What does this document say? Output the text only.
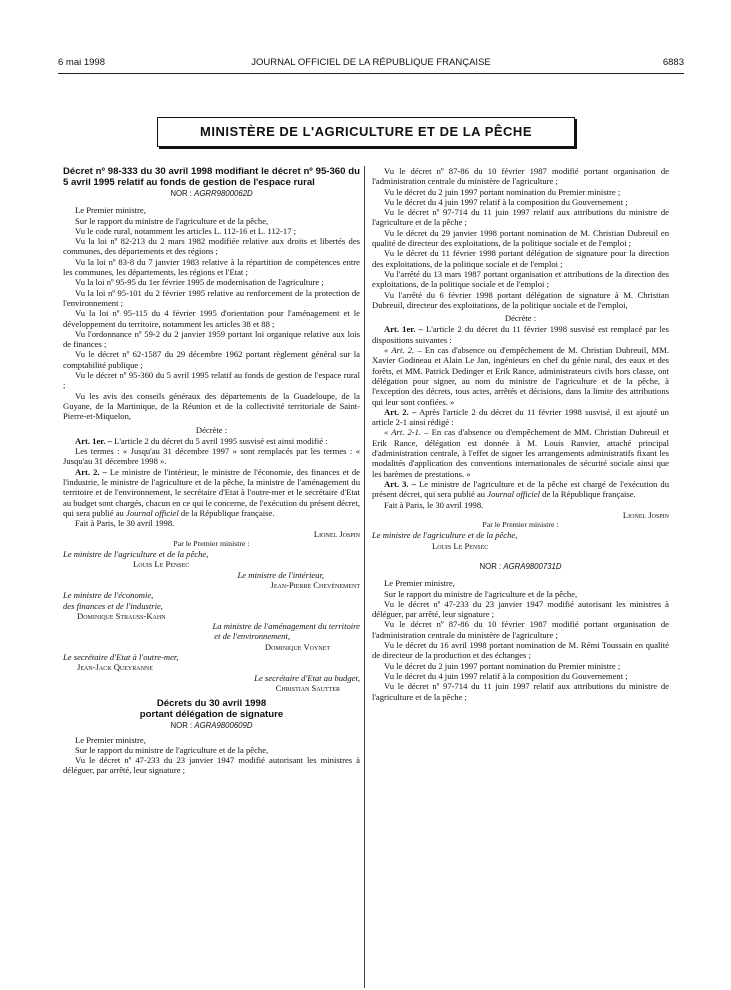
6 mai 1998	JOURNAL OFFICIEL DE LA RÉPUBLIQUE FRANÇAISE	6883
MINISTÈRE DE L'AGRICULTURE ET DE LA PÊCHE

Décret nº 98-333 du 30 avril 1998 modifiant le décret nº 95-360 du 5 avril 1995 relatif au fonds de gestion de l'espace rural

NOR : AGRR9800062D

Le Premier ministre,

Sur le rapport du ministre de l'agriculture et de la pêche,

Vu le code rural, notamment les articles L. 112-16 et L. 112-17 ;

Vu la loi nº 82-213 du 2 mars 1982 modifiée relative aux droits et libertés des communes, des départements et des régions ;

Vu la loi nº 83-8 du 7 janvier 1983 relative à la répartition de compétences entre les communes, les départements, les régions et l'Etat ;

Vu la loi nº 95-95 du 1er février 1995 de modernisation de l'agriculture ;

Vu la loi nº 95-101 du 2 février 1995 relative au renforcement de la protection de l'environnement ;

Vu la loi nº 95-115 du 4 février 1995 d'orientation pour l'aménagement et le développement du territoire, notamment les articles 38 et 88 ;

Vu l'ordonnance nº 59-2 du 2 janvier 1959 portant loi organique relative aux lois de finances ;

Vu le décret nº 62-1587 du 29 décembre 1962 portant règlement général sur la comptabilité publique ;

Vu le décret nº 95-360 du 5 avril 1995 relatif au fonds de gestion de l'espace rural ;

Vu les avis des conseils généraux des départements de la Guadeloupe, de la Guyane, de la Martinique, de la Réunion et de la collectivité territoriale de Saint-Pierre-et-Miquelon,

Décrète :

Art. 1er. – L'article 2 du décret du 5 avril 1995 susvisé est ainsi modifié :

Les termes : « Jusqu'au 31 décembre 1997 » sont remplacés par les termes : « Jusqu'au 31 décembre 1998 ».

Art. 2. – Le ministre de l'intérieur, le ministre de l'économie, des finances et de l'industrie, le ministre de l'agriculture et de la pêche, la ministre de l'aménagement du territoire et de l'environnement, le secrétaire d'Etat à l'outre-mer et le secrétaire d'Etat au budget sont chargés, chacun en ce qui le concerne, de l'exécution du présent décret, qui sera publié au Journal officiel de la République française.

Fait à Paris, le 30 avril 1998.

Lionel Jospin
Par le Premier ministre :

Le ministre de l'agriculture et de la pêche,

Louis Le Pensec

Le ministre de l'intérieur,

Jean-Pierre Chevènement

Le ministre de l'économie,

des finances et de l'industrie,

Dominique Strauss-Kahn

La ministre de l'aménagement du territoire

et de l'environnement,

Dominique Voynet

Le secrétaire d'Etat à l'outre-mer,

Jean-Jack Queyranne

Le secrétaire d'Etat au budget,

Christian Sautter

Décrets du 30 avril 1998

portant délégation de signature

NOR : AGRA9800609D

Le Premier ministre,

Sur le rapport du ministre de l'agriculture et de la pêche,

Vu le décret nº 47-233 du 23 janvier 1947 modifié autorisant les ministres à déléguer, par arrêté, leur signature ;

Vu le décret nº 87-86 du 10 février 1987 modifié portant organisation de l'administration centrale du ministère de l'agriculture ;

Vu le décret du 2 juin 1997 portant nomination du Premier ministre ;

Vu le décret du 4 juin 1997 relatif à la composition du Gouvernement ;

Vu le décret nº 97-714 du 11 juin 1997 relatif aux attributions du ministre de l'agriculture et de la pêche ;

Vu le décret du 29 janvier 1998 portant nomination de M. Christian Dubreuil en qualité de directeur des exploitations, de la politique sociale et de l'emploi ;

Vu le décret du 11 février 1998 portant délégation de signature pour la direction des exploitations, de la politique sociale et de l'emploi ;

Vu l'arrêté du 13 mars 1987 portant organisation et attributions de la direction des exploitations, de la politique sociale et de l'emploi ;

Vu l'arrêté du 6 février 1998 portant délégation de signature à M. Christian Dubreuil, directeur des exploitations, de la politique sociale et de l'emploi,

Décrète :

Art. 1er. – L'article 2 du décret du 11 février 1998 susvisé est remplacé par les dispositions suivantes :

« Art. 2. – En cas d'absence ou d'empêchement de M. Christian Dubreuil, MM. Xavier Godineau et Alain Le Jan, ingénieurs en chef du génie rural, des eaux et des forêts, et MM. Patrick Dedinger et Erik Rance, administrateurs civils hors classe, ont délégation pour signer, au nom du ministre de l'agriculture et de la pêche, à l'exception des décrets, tous actes, arrêtés et décisions, dans la limite des attributions qui leur sont confiées. »

Art. 2. – Après l'article 2 du décret du 11 février 1998 susvisé, il est ajouté un article 2-1 ainsi rédigé :

« Art. 2-1. – En cas d'absence ou d'empêchement de MM. Christian Dubreuil et Erik Rance, délégation est donnée à M. Louis Ranvier, attaché principal d'administration centrale, à l'effet de signer les arrangements administratifs fixant les modalités d'application des conventions internationales de sécurité sociale ainsi que les barèmes de prestations. »

Art. 3. – Le ministre de l'agriculture et de la pêche est chargé de l'exécution du présent décret, qui sera publié au Journal officiel de la République française.

Fait à Paris, le 30 avril 1998.

Lionel Jospin
Par le Premier ministre :

Le ministre de l'agriculture et de la pêche,

Louis Le Pensec

NOR : AGRA9800731D

Le Premier ministre,

Sur le rapport du ministre de l'agriculture et de la pêche,

Vu le décret nº 47-233 du 23 janvier 1947 modifié autorisant les ministres à déléguer, par arrêté, leur signature ;

Vu le décret nº 87-86 du 10 février 1987 modifié portant organisation de l'administration centrale du ministère de l'agriculture ;

Vu le décret du 16 avril 1998 portant nomination de M. Rémi Toussain en qualité de directeur de la production et des échanges ;

Vu le décret du 2 juin 1997 portant nomination du Premier ministre ;

Vu le décret du 4 juin 1997 relatif à la composition du Gouvernement ;

Vu le décret nº 97-714 du 11 juin 1997 relatif aux attributions du ministre de l'agriculture et de la pêche ;
